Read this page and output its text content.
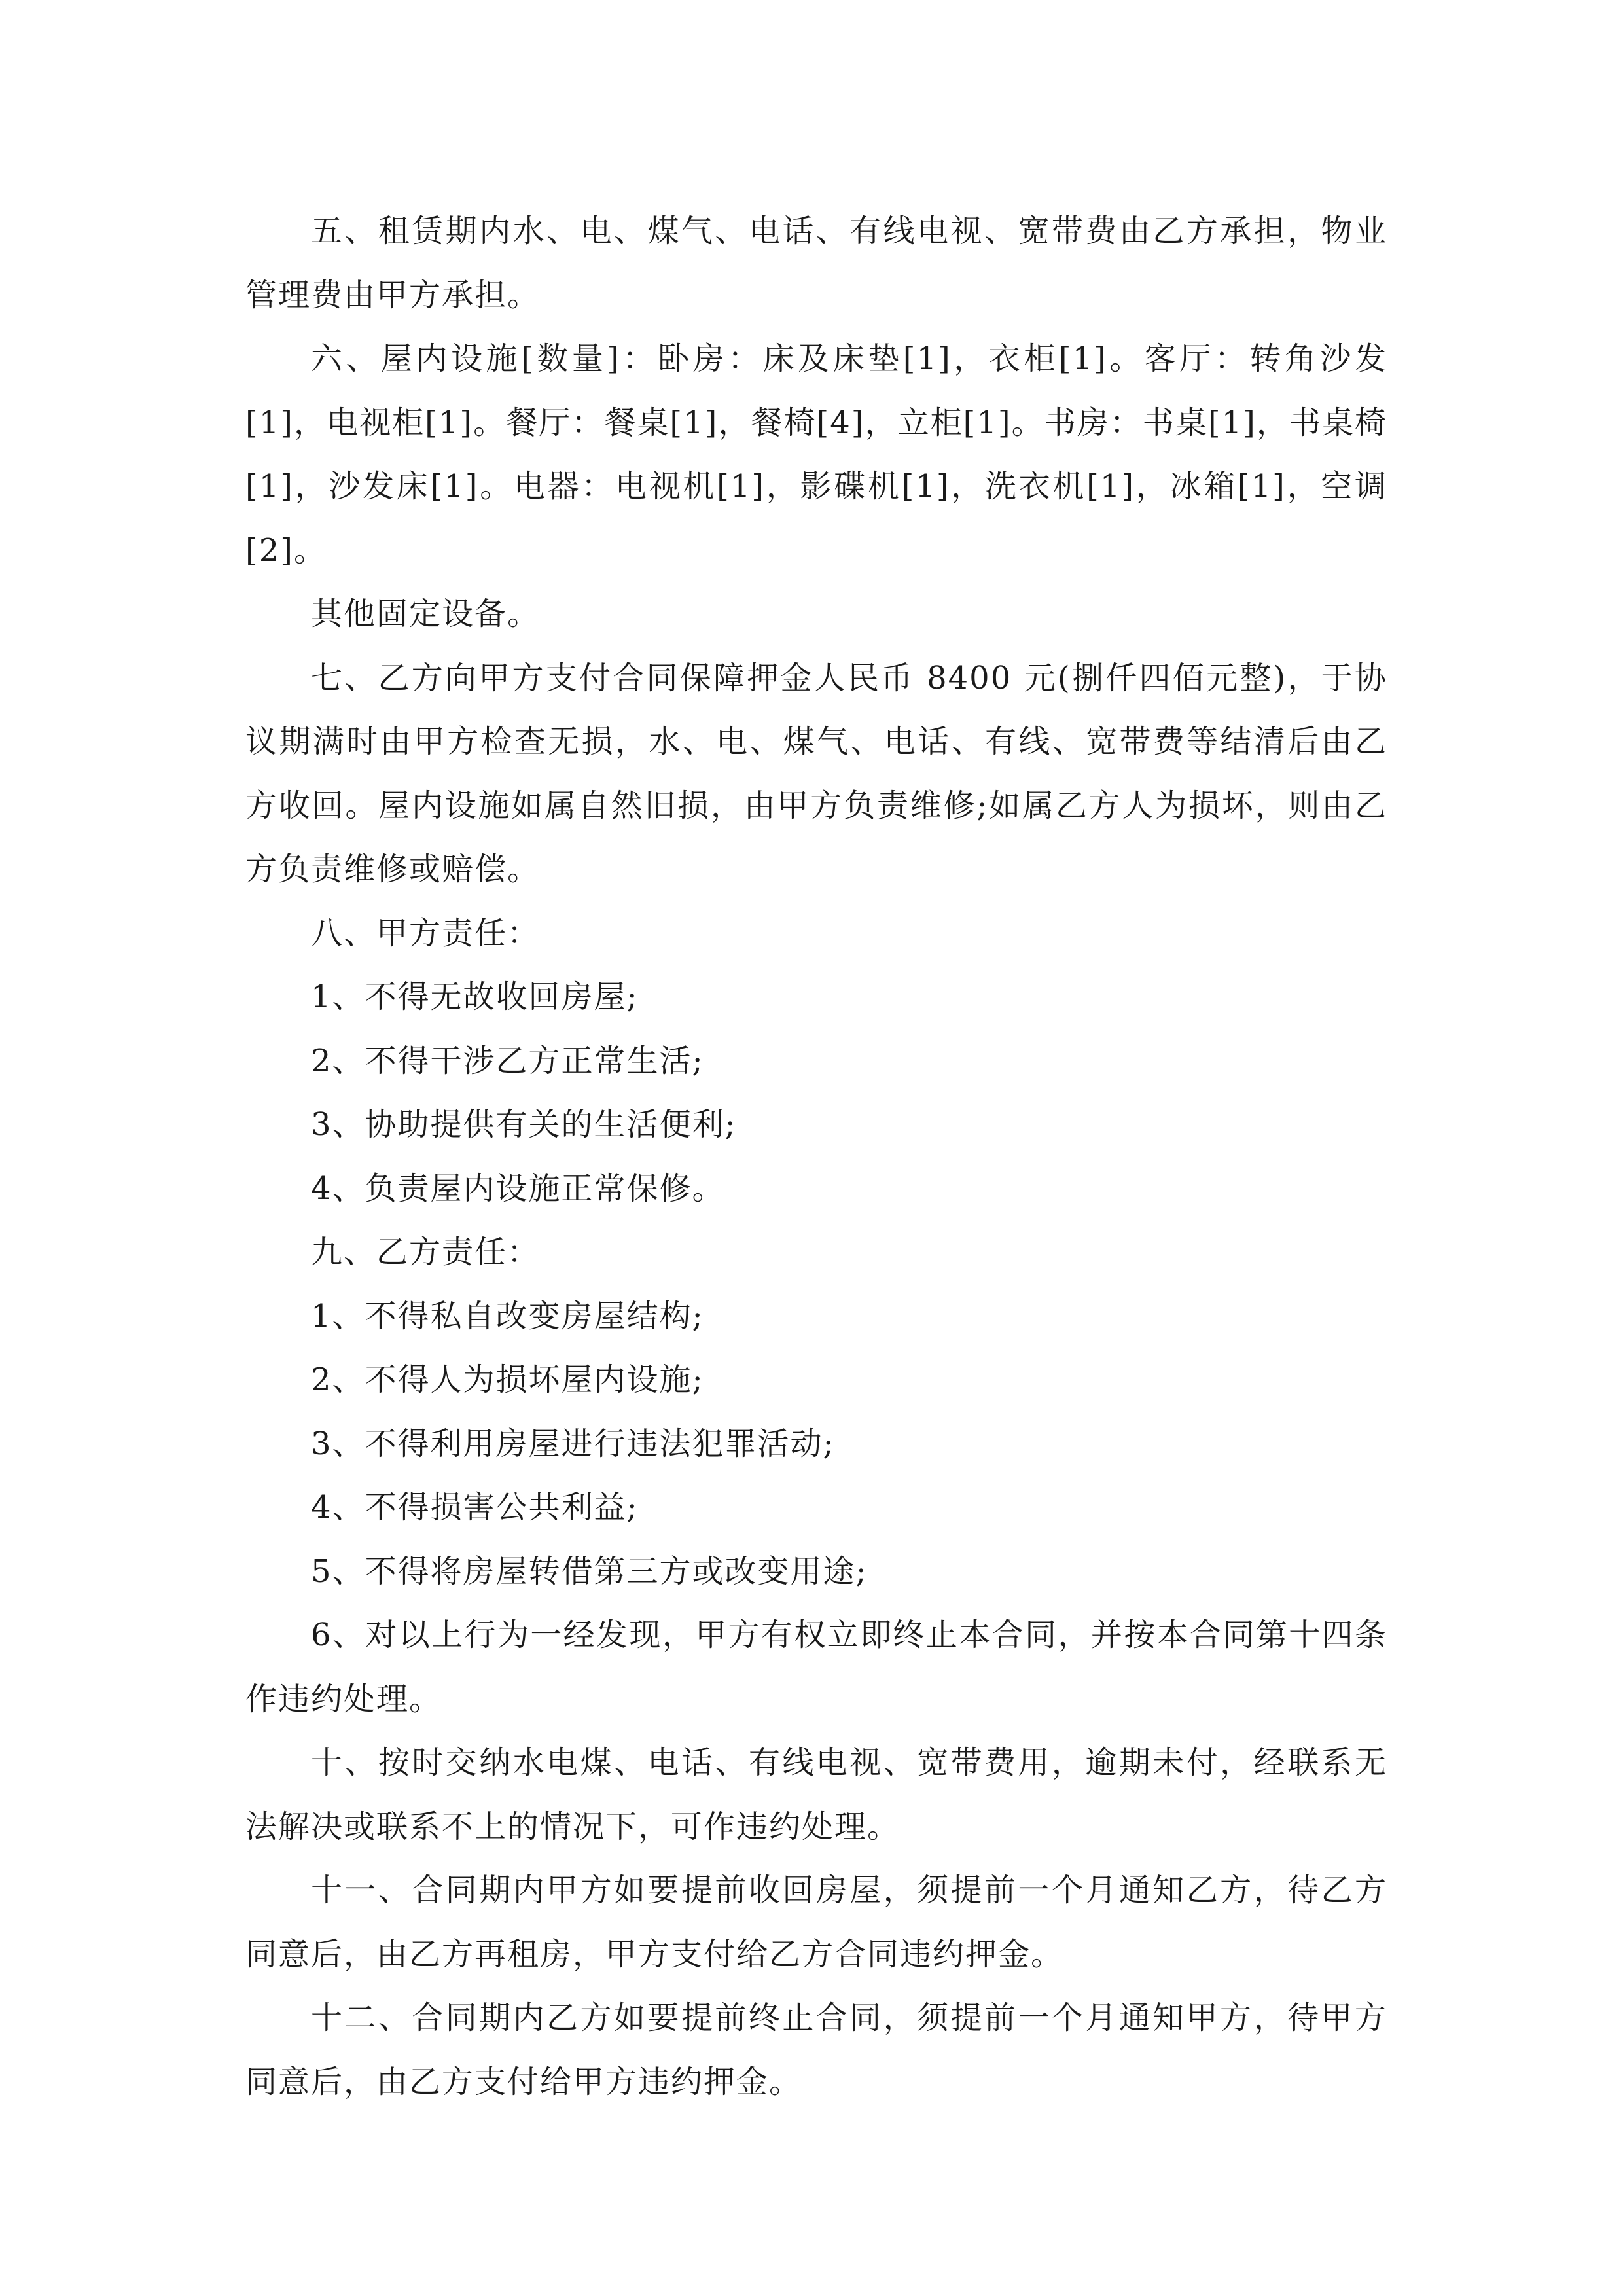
五、租赁期内水、电、煤气、电话、有线电视、宽带费由乙方承担，物业管理费由甲方承担。

六、屋内设施[数量]：卧房：床及床垫[1]，衣柜[1]。客厅：转角沙发[1]，电视柜[1]。餐厅：餐桌[1]，餐椅[4]，立柜[1]。书房：书桌[1]，书桌椅[1]，沙发床[1]。电器：电视机[1]，影碟机[1]，洗衣机[1]，冰箱[1]，空调[2]。

其他固定设备。

七、乙方向甲方支付合同保障押金人民币 8400 元(捌仟四佰元整)，于协议期满时由甲方检查无损，水、电、煤气、电话、有线、宽带费等结清后由乙方收回。屋内设施如属自然旧损，由甲方负责维修;如属乙方人为损坏，则由乙方负责维修或赔偿。

八、甲方责任：

1、不得无故收回房屋;

2、不得干涉乙方正常生活;

3、协助提供有关的生活便利;

4、负责屋内设施正常保修。

九、乙方责任：

1、不得私自改变房屋结构;

2、不得人为损坏屋内设施;

3、不得利用房屋进行违法犯罪活动;

4、不得损害公共利益;

5、不得将房屋转借第三方或改变用途;

6、对以上行为一经发现，甲方有权立即终止本合同，并按本合同第十四条作违约处理。

十、按时交纳水电煤、电话、有线电视、宽带费用，逾期未付，经联系无法解决或联系不上的情况下，可作违约处理。

十一、合同期内甲方如要提前收回房屋，须提前一个月通知乙方，待乙方同意后，由乙方再租房，甲方支付给乙方合同违约押金。

十二、合同期内乙方如要提前终止合同，须提前一个月通知甲方，待甲方同意后，由乙方支付给甲方违约押金。
